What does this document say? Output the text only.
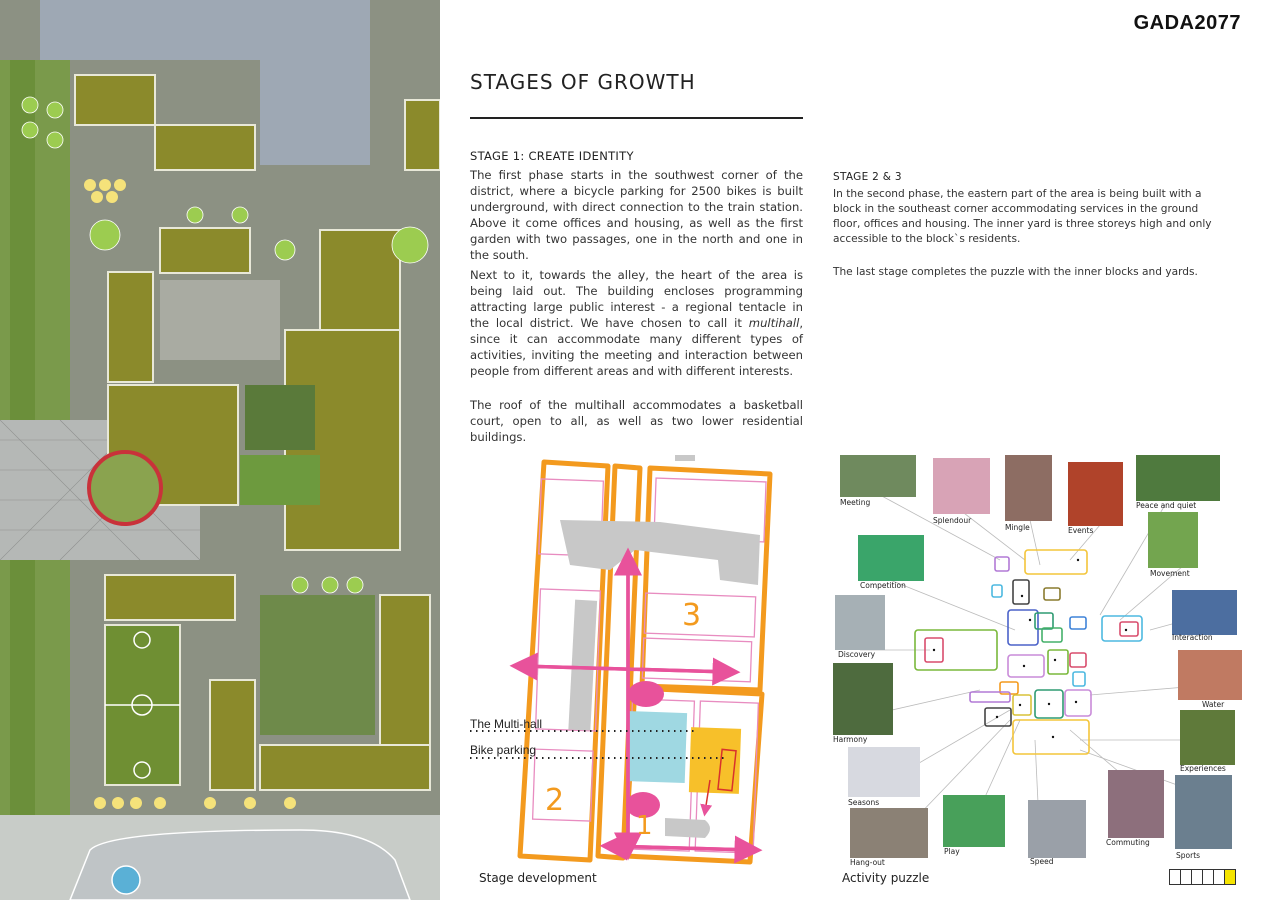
GADA2077
STAGES OF GROWTH
STAGE 1: CREATE IDENTITY

The first phase starts in the southwest corner of the district, where a bicycle parking for 2500 bikes is built underground, with direct connection to the train station. Above it come offices and housing, as well as the first garden with two passages, one in the north and one in the south.

Next to it, towards the alley, the heart of the area is being laid out. The building encloses programming attracting large public interest - a regional tentacle in the local district. We have chosen to call it multihall, since it can accommodate many different types of activities, inviting the meeting and interaction between people from different areas and with different interests.

The roof of the multihall accommodates a basketball court, open to all, as well as two lower residential buildings.

STAGE 2 & 3

In the second phase, the eastern part of the area is being built with a block in the southeast corner accommodating services in the ground floor, offices and housing. The inner yard is three storeys high and only accessible to the block`s residents.

The last stage completes the puzzle with the inner blocks and yards.

The Multi-hall
Bike parking
3
2
1
Stage development
Meeting
Splendour
Mingle	Events
Peace and quiet
Competition
Movement
Discovery
Interaction
Harmony
Water
Experiences
Seasons
Commuting
Sports
Hang-out
Play
Speed
Activity puzzle
